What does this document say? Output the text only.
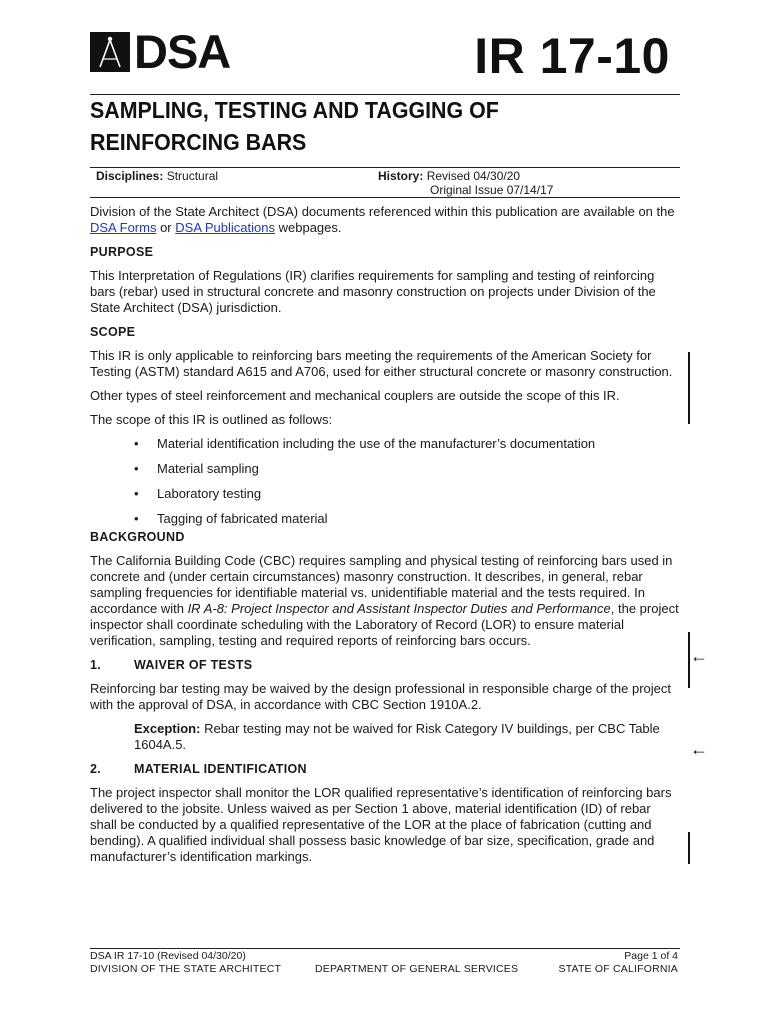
DSA	IR 17-10
SAMPLING, TESTING AND TAGGING OF REINFORCING BARS
Disciplines: Structural	History: Revised 04/30/20
Original Issue 07/14/17

Division of the State Architect (DSA) documents referenced within this publication are available on the DSA Forms or DSA Publications webpages.

PURPOSE

This Interpretation of Regulations (IR) clarifies requirements for sampling and testing of reinforcing bars (rebar) used in structural concrete and masonry construction on projects under Division of the State Architect (DSA) jurisdiction.

SCOPE

This IR is only applicable to reinforcing bars meeting the requirements of the American Society for Testing (ASTM) standard A615 and A706, used for either structural concrete or masonry construction.

Other types of steel reinforcement and mechanical couplers are outside the scope of this IR.

The scope of this IR is outlined as follows:

• Material identification including the use of the manufacturer’s documentation
• Material sampling
• Laboratory testing
• Tagging of fabricated material
BACKGROUND

The California Building Code (CBC) requires sampling and physical testing of reinforcing bars used in concrete and (under certain circumstances) masonry construction. It describes, in general, rebar sampling frequencies for identifiable material vs. unidentifiable material and the tests required. In accordance with IR A-8: Project Inspector and Assistant Inspector Duties and Performance, the project inspector shall coordinate scheduling with the Laboratory of Record (LOR) to ensure material verification, sampling, testing and required reports of reinforcing bars occurs.

1.	WAIVER OF TESTS

Reinforcing bar testing may be waived by the design professional in responsible charge of the project with the approval of DSA, in accordance with CBC Section 1910A.2.

Exception: Rebar testing may not be waived for Risk Category IV buildings, per CBC Table 1604A.5.

2.	MATERIAL IDENTIFICATION

The project inspector shall monitor the LOR qualified representative’s identification of reinforcing bars delivered to the jobsite. Unless waived as per Section 1 above, material identification (ID) of rebar shall be conducted by a qualified representative of the LOR at the place of fabrication (cutting and bending). A qualified individual shall possess basic knowledge of bar size, specification, grade and manufacturer’s identification markings.

←
←
DSA IR 17-10 (Revised 04/30/20)	Page 1 of 4
DIVISION OF THE STATE ARCHITECT	DEPARTMENT OF GENERAL SERVICES	STATE OF CALIFORNIA
